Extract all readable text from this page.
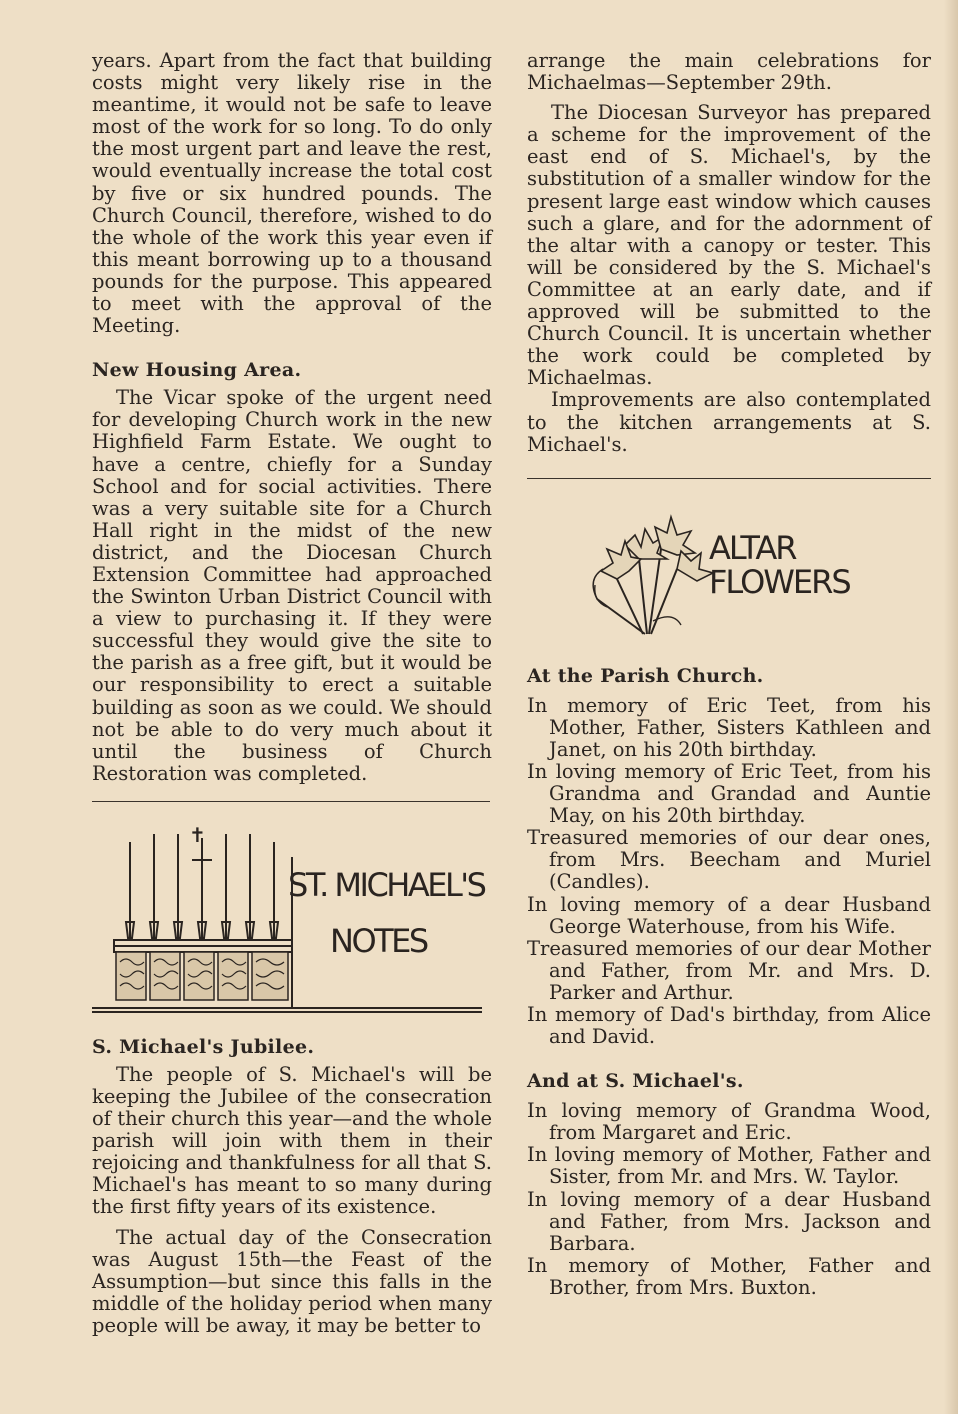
years. Apart from the fact that building costs might very likely rise in the meantime, it would not be safe to leave most of the work for so long. To do only the most urgent part and leave the rest, would eventually increase the total cost by five or six hundred pounds. The Church Council, therefore, wished to do the whole of the work this year even if this meant borrowing up to a thousand pounds for the purpose. This appeared to meet with the approval of the Meeting.

New Housing Area.

The Vicar spoke of the urgent need for developing Church work in the new Highfield Farm Estate. We ought to have a centre, chiefly for a Sunday School and for social activities. There was a very suitable site for a Church Hall right in the midst of the new district, and the Diocesan Church Extension Committee had approached the Swinton Urban District Council with a view to purchasing it. If they were successful they would give the site to the parish as a free gift, but it would be our responsibility to erect a suitable building as soon as we could. We should not be able to do very much about it until the business of Church Restoration was completed.

✝
ST. MICHAEL'S
NOTES
S. Michael's Jubilee.

The people of S. Michael's will be keeping the Jubilee of the consecration of their church this year—and the whole parish will join with them in their rejoicing and thankfulness for all that S. Michael's has meant to so many during the first fifty years of its existence.

The actual day of the Consecration was August 15th—the Feast of the Assumption—but since this falls in the middle of the holiday period when many people will be away, it may be better to

arrange the main celebrations for Michaelmas—September 29th.

The Diocesan Surveyor has prepared a scheme for the improvement of the east end of S. Michael's, by the substitution of a smaller window for the present large east window which causes such a glare, and for the adornment of the altar with a canopy or tester. This will be considered by the S. Michael's Committee at an early date, and if approved will be submitted to the Church Council. It is uncertain whether the work could be completed by Michaelmas.

Improvements are also contemplated to the kitchen arrangements at S. Michael's.

ALTAR
FLOWERS
At the Parish Church.

In memory of Eric Teet, from his Mother, Father, Sisters Kathleen and Janet, on his 20th birthday.

In loving memory of Eric Teet, from his Grandma and Grandad and Auntie May, on his 20th birthday.

Treasured memories of our dear ones, from Mrs. Beecham and Muriel (Candles).

In loving memory of a dear Husband George Waterhouse, from his Wife.

Treasured memories of our dear Mother and Father, from Mr. and Mrs. D. Parker and Arthur.

In memory of Dad's birthday, from Alice and David.

And at S. Michael's.

In loving memory of Grandma Wood, from Margaret and Eric.

In loving memory of Mother, Father and Sister, from Mr. and Mrs. W. Taylor.

In loving memory of a dear Husband and Father, from Mrs. Jackson and Barbara.

In memory of Mother, Father and Brother, from Mrs. Buxton.
